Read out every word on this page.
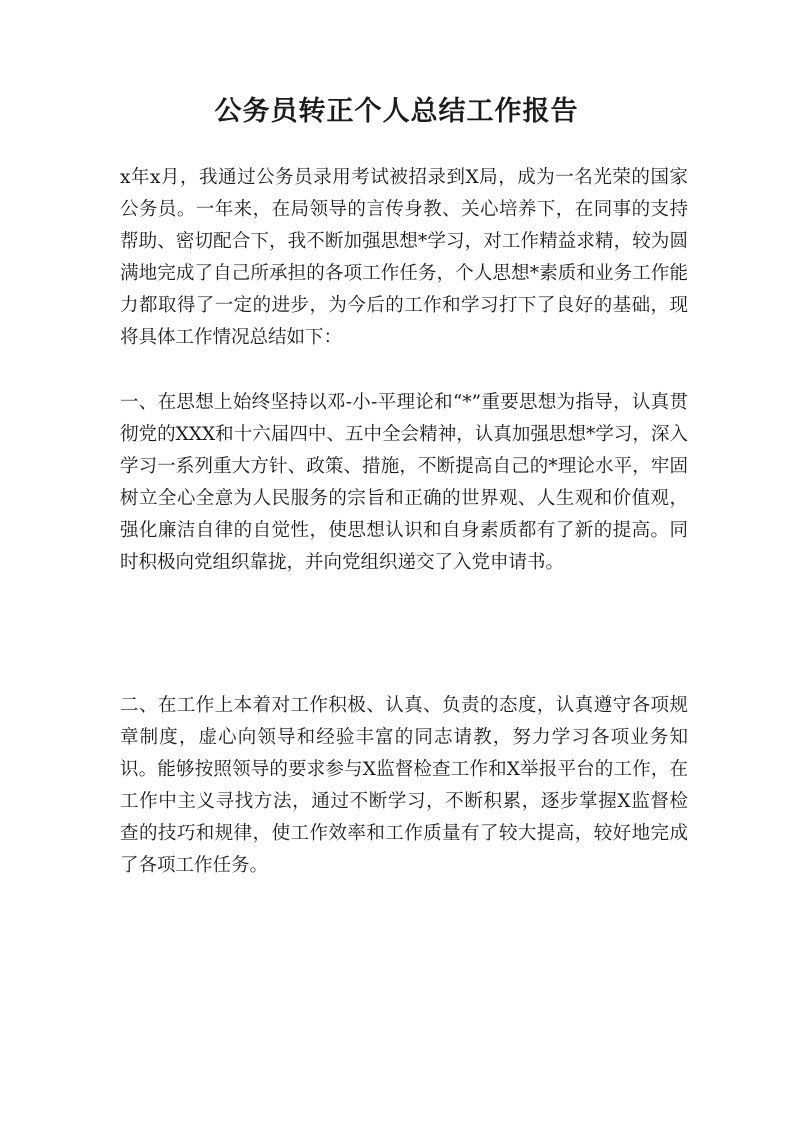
公务员转正个人总结工作报告

x年x月，我通过公务员录用考试被招录到X局，成为一名光荣的国家公务员。一年来，在局领导的言传身教、关心培养下，在同事的支持帮助、密切配合下，我不断加强思想*学习，对工作精益求精，较为圆满地完成了自己所承担的各项工作任务，个人思想*素质和业务工作能力都取得了一定的进步，为今后的工作和学习打下了良好的基础，现将具体工作情况总结如下：

一、在思想上始终坚持以邓-小-平理论和“*”重要思想为指导，认真贯彻党的XXX和十六届四中、五中全会精神，认真加强思想*学习，深入学习一系列重大方针、政策、措施，不断提高自己的*理论水平，牢固树立全心全意为人民服务的宗旨和正确的世界观、人生观和价值观，强化廉洁自律的自觉性，使思想认识和自身素质都有了新的提高。同时积极向党组织靠拢，并向党组织递交了入党申请书。

二、在工作上本着对工作积极、认真、负责的态度，认真遵守各项规章制度，虚心向领导和经验丰富的同志请教，努力学习各项业务知识。能够按照领导的要求参与X监督检查工作和X举报平台的工作，在工作中主义寻找方法，通过不断学习，不断积累，逐步掌握X监督检查的技巧和规律，使工作效率和工作质量有了较大提高，较好地完成了各项工作任务。
